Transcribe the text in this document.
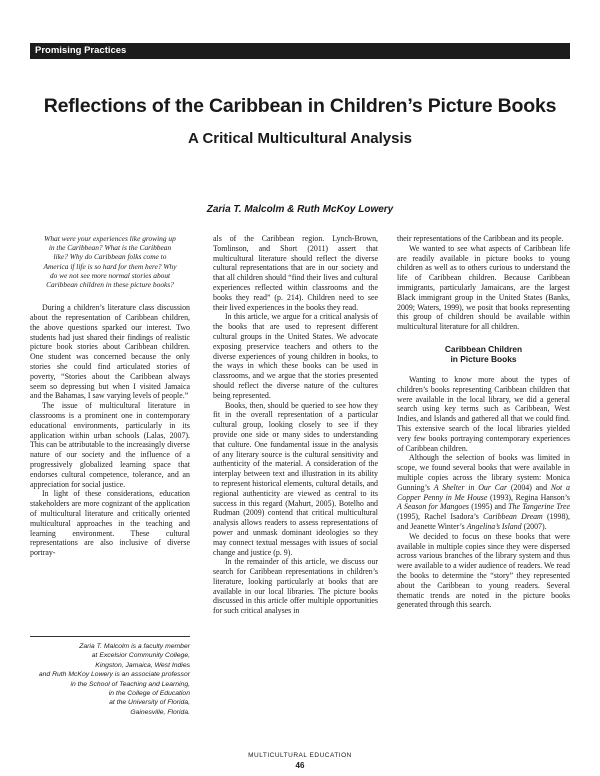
Promising Practices
Reflections of the Caribbean in Children’s Picture Books
A Critical Multicultural Analysis
Zaria T. Malcolm & Ruth McKoy Lowery
What were your experiences like growing up in the Caribbean? What is the Caribbean like? Why do Caribbean folks come to America if life is so hard for them here? Why do we not see more normal stories about Caribbean children in these picture books?

During a children’s literature class discussion about the representation of Caribbean children, the above questions sparked our interest. Two students had just shared their findings of realistic picture book stories about Caribbean children. One student was concerned because the only stories she could find articulated stories of poverty, “Stories about the Caribbean always seem so depressing but when I visited Jamaica and the Bahamas, I saw varying levels of people.”

The issue of multicultural literature in classrooms is a prominent one in contemporary educational environments, particularly in its application within urban schools (Lalas, 2007). This can be attributable to the increasingly diverse nature of our society and the influence of a progressively globalized learning space that endorses cultural competence, tolerance, and an appreciation for social justice.

In light of these considerations, education stakeholders are more cognizant of the application of multicultural literature and critically oriented multicultural approaches in the teaching and learning environment. These cultural representations are also inclusive of diverse portray-

Zaria T. Malcolm is a faculty member
at Excelsior Community College,
Kingston, Jamaica, West Indies
and Ruth McKoy Lowery is an associate professor
in the School of Teaching and Learning,
in the College of Education
at the University of Florida,
Gainesville, Florida.

als of the Caribbean region. Lynch-Brown, Tomlinson, and Short (2011) assert that multicultural literature should reflect the diverse cultural representations that are in our society and that all children should “find their lives and cultural experiences reflected within classrooms and the books they read” (p. 214). Children need to see their lived experiences in the books they read.

In this article, we argue for a critical analysis of the books that are used to represent different cultural groups in the United States. We advocate exposing preservice teachers and others to the diverse experiences of young children in books, to the ways in which these books can be used in classrooms, and we argue that the stories presented should reflect the diverse nature of the cultures being represented.

Books, then, should be queried to see how they fit in the overall representation of a particular cultural group, looking closely to see if they provide one side or many sides to understanding that culture. One fundamental issue in the analysis of any literary source is the cultural sensitivity and authenticity of the material. A consideration of the interplay between text and illustration in its ability to represent historical elements, cultural details, and regional authenticity are viewed as central to its success in this regard (Mahurt, 2005). Botelho and Rudman (2009) contend that critical multicultural analysis allows readers to assess representations of power and unmask dominant ideologies so they may connect textual messages with issues of social change and justice (p. 9).

In the remainder of this article, we discuss our search for Caribbean representations in children’s literature, looking particularly at books that are available in our local libraries. The picture books discussed in this article offer multiple opportunities for such critical analyses in

their representations of the Caribbean and its people.

We wanted to see what aspects of Caribbean life are readily available in picture books to young children as well as to others curious to understand the life of Caribbean children. Because Caribbean immigrants, particularly Jamaicans, are the largest Black immigrant group in the United States (Banks, 2009; Waters, 1999), we posit that books representing this group of children should be available within multicultural literature for all children.

Caribbean Children
in Picture Books

Wanting to know more about the types of children’s books representing Caribbean children that were available in the local library, we did a general search using key terms such as Caribbean, West Indies, and Islands and gathered all that we could find. This extensive search of the local libraries yielded very few books portraying contemporary experiences of Caribbean children.

Although the selection of books was limited in scope, we found several books that were available in multiple copies across the library system: Monica Gunning’s A Shelter in Our Car (2004) and Not a Copper Penny in Me House (1993), Regina Hanson’s A Season for Mangoes (1995) and The Tangerine Tree (1995), Rachel Isadora’s Caribbean Dream (1998), and Jeanette Winter’s Angelina’s Island (2007).

We decided to focus on these books that were available in multiple copies since they were dispersed across various branches of the library system and thus were available to a wider audience of readers. We read the books to determine the “story” they represented about the Caribbean to young readers. Several thematic trends are noted in the picture books generated through this search.

MULTICULTURAL EDUCATION
46
